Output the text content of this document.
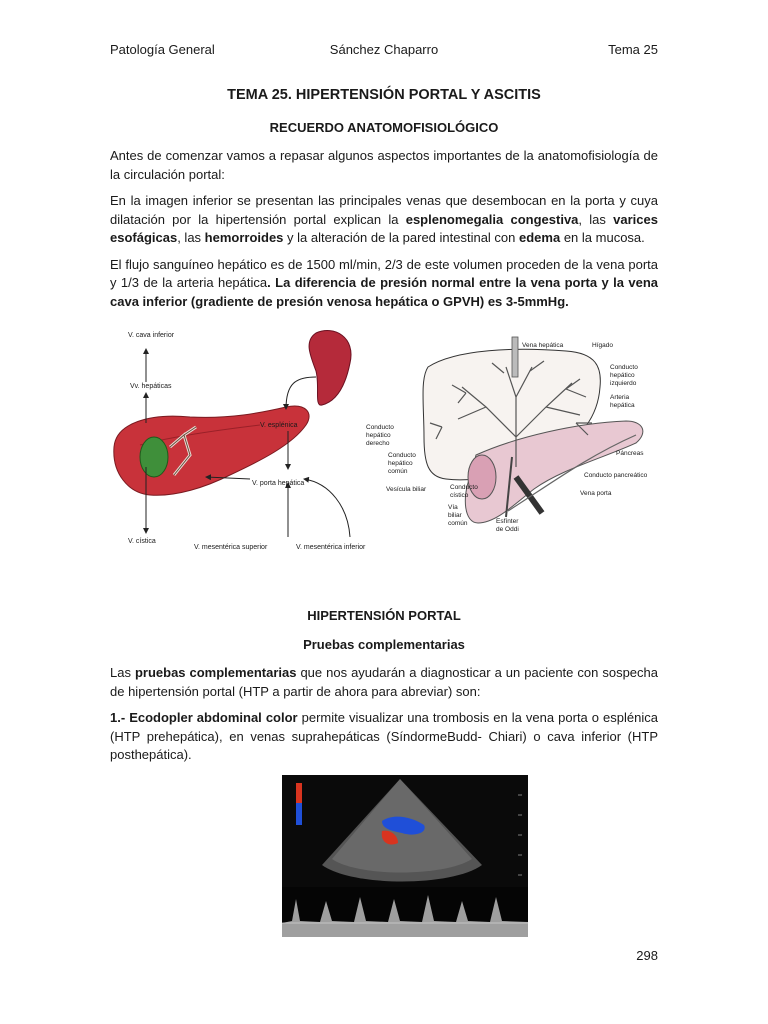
Patología General	Sánchez Chaparro	Tema 25
TEMA 25. HIPERTENSIÓN PORTAL Y ASCITIS
RECUERDO ANATOMOFISIOLÓGICO

Antes de comenzar vamos a repasar algunos aspectos importantes de la anatomofisiología de la circulación portal:

En la imagen inferior se presentan las principales venas que desembocan en la porta y cuya dilatación por la hipertensión portal explican la esplenomegalia congestiva, las varices esofágicas, las hemorroides y la alteración de la pared intestinal con edema en la mucosa.

El flujo sanguíneo hepático es de 1500 ml/min, 2/3 de este volumen proceden de la vena porta y 1/3 de la arteria hepática. La diferencia de presión normal entre la vena porta y la vena cava inferior (gradiente de presión venosa hepática o GPVH) es 3-5mmHg.

V. cava inferior
Vv. hepáticas
V. esplénica
V. porta hepática
V. cística
V. mesentérica superior	V. mesentérica inferior
Vena hepática	Hígado
Conducto
hepático
izquierdo
Arteria
hepática
Conducto
hepático
derecho
Páncreas
Conducto
hepático
común
Conducto pancreático
Vesícula biliar	Conducto
cístico	Vena porta
Vía
biliar
común	Esfínter
de Oddi
HIPERTENSIÓN PORTAL
Pruebas complementarias

Las pruebas complementarias que nos ayudarán a diagnosticar a un paciente con sospecha de hipertensión portal (HTP a partir de ahora para abreviar) son:

1.- Ecodopler abdominal color permite visualizar una trombosis en la vena porta o esplénica (HTP prehepática), en venas suprahepáticas (SíndormeBudd- Chiari) o cava inferior (HTP posthepática).

298
